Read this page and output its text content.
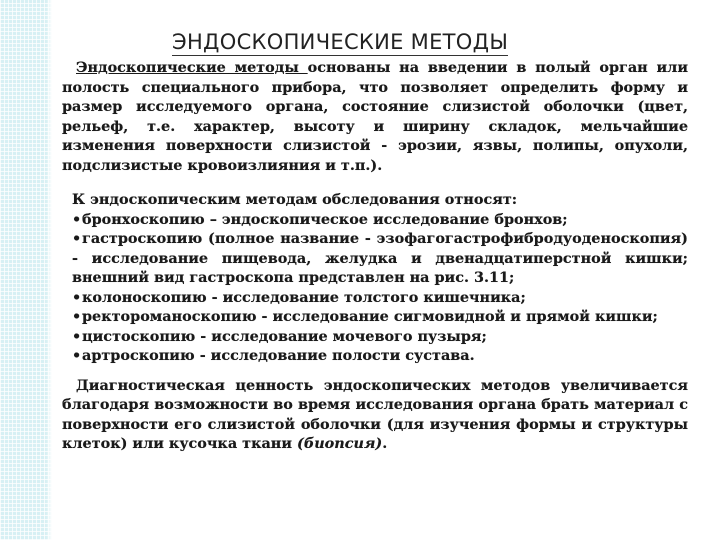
ЭНДОСКОПИЧЕСКИЕ МЕТОДЫ

Эндоскопические методы основаны на введении в полый орган или полость специального прибора, что позволяет определить форму и размер исследуемого органа, состояние слизистой оболочки (цвет, рельеф, т.е. характер, высоту и ширину складок, мельчайшие изменения поверхности слизистой - эрозии, язвы, полипы, опухоли, подслизистые кровоизлияния и т.п.).

К эндоскопическим методам обследования относят:
•бронхоскопию – эндоскопическое исследование бронхов;
•гастроскопию (полное название - эзофагогастрофибродуоденоскопия) - исследование пищевода, желудка и двенадцатиперстной кишки; внешний вид гастроскопа представлен на рис. 3.11;
•колоноскопию - исследование толстого кишечника;
•ректороманоскопию - исследование сигмовидной и прямой кишки;
•цистоскопию - исследование мочевого пузыря;
•артроскопию - исследование полости сустава.

Диагностическая ценность эндоскопических методов увеличивается благодаря возможности во время исследования органа брать материал с поверхности его слизистой оболочки (для изучения формы и структуры клеток) или кусочка ткани (биопсия).
